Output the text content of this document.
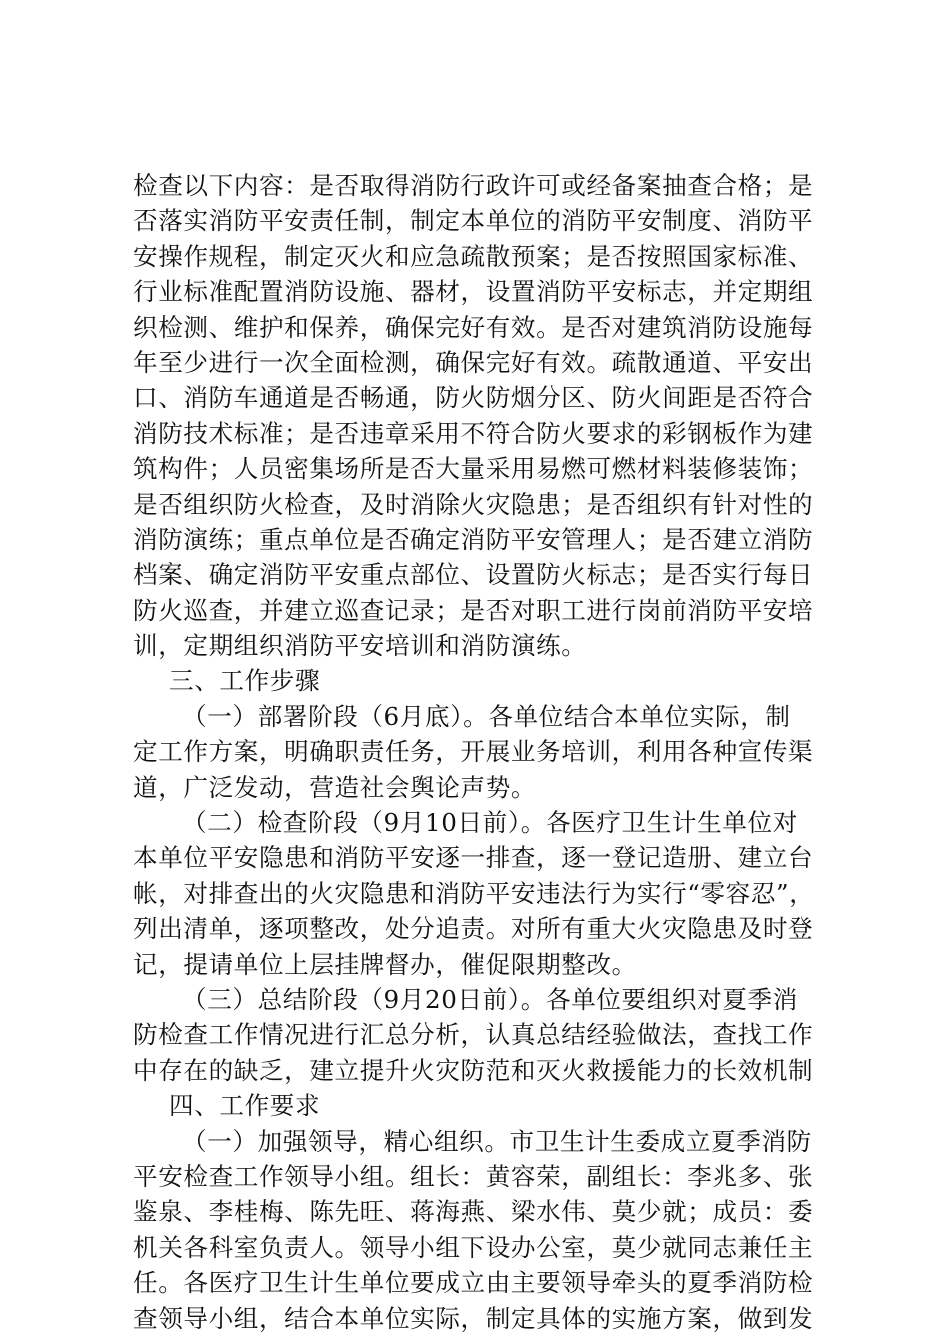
检查以下内容：是否取得消防行政许可或经备案抽查合格；是
否落实消防平安责任制，制定本单位的消防平安制度、消防平
安操作规程，制定灭火和应急疏散预案；是否按照国家标准、
行业标准配置消防设施、器材，设置消防平安标志，并定期组
织检测、维护和保养，确保完好有效。是否对建筑消防设施每
年至少进行一次全面检测，确保完好有效。疏散通道、平安出
口、消防车通道是否畅通，防火防烟分区、防火间距是否符合
消防技术标准；是否违章采用不符合防火要求的彩钢板作为建
筑构件；人员密集场所是否大量采用易燃可燃材料装修装饰；
是否组织防火检查，及时消除火灾隐患；是否组织有针对性的
消防演练；重点单位是否确定消防平安管理人；是否建立消防
档案、确定消防平安重点部位、设置防火标志；是否实行每日
防火巡查，并建立巡查记录；是否对职工进行岗前消防平安培
训，定期组织消防平安培训和消防演练。
三、工作步骤
（一）部署阶段（6月底）。各单位结合本单位实际，制
定工作方案，明确职责任务，开展业务培训，利用各种宣传渠
道，广泛发动，营造社会舆论声势。
（二）检查阶段（9月10日前）。各医疗卫生计生单位对
本单位平安隐患和消防平安逐一排查，逐一登记造册、建立台
帐，对排查出的火灾隐患和消防平安违法行为实行“零容忍”，
列出清单，逐项整改，处分追责。对所有重大火灾隐患及时登
记，提请单位上层挂牌督办，催促限期整改。
（三）总结阶段（9月20日前）。各单位要组织对夏季消
防检查工作情况进行汇总分析，认真总结经验做法，查找工作
中存在的缺乏，建立提升火灾防范和灭火救援能力的长效机制
四、工作要求
（一）加强领导，精心组织。市卫生计生委成立夏季消防
平安检查工作领导小组。组长：黄容荣，副组长：李兆多、张
鉴泉、李桂梅、陈先旺、蒋海燕、梁水伟、莫少就；成员：委
机关各科室负责人。领导小组下设办公室，莫少就同志兼任主
任。各医疗卫生计生单位要成立由主要领导牵头的夏季消防检
查领导小组，结合本单位实际，制定具体的实施方案，做到发
